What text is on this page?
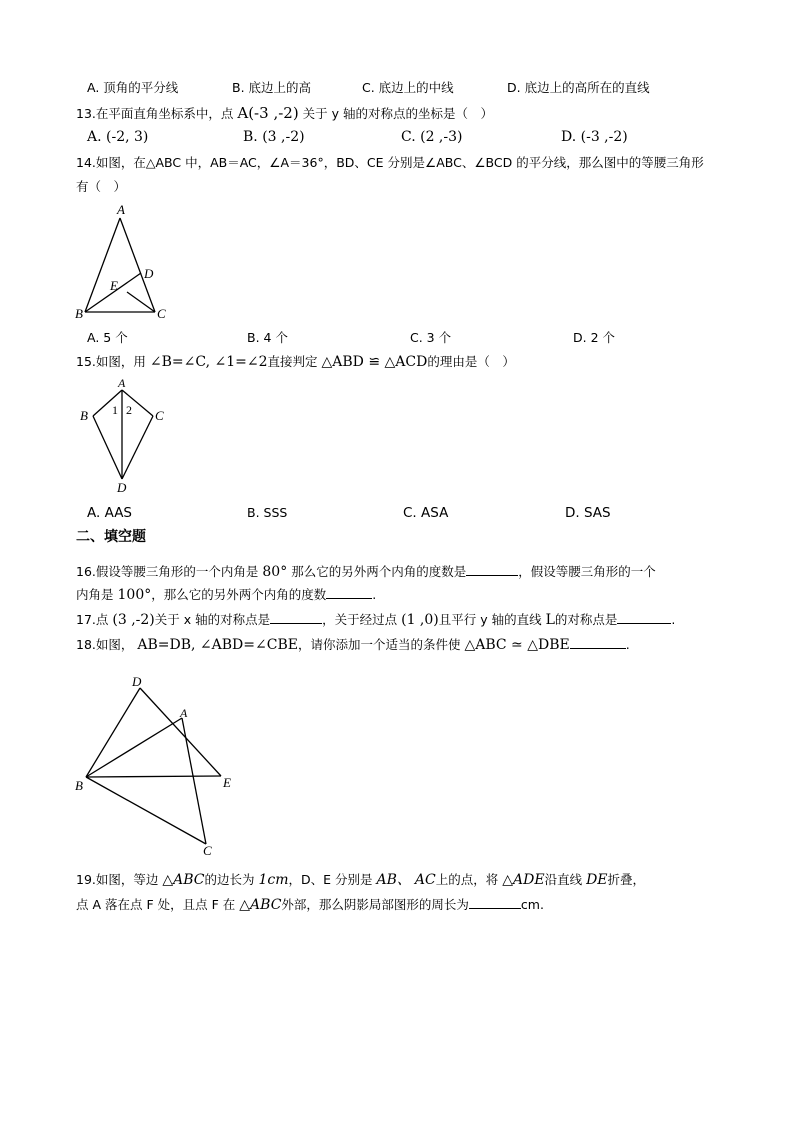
A. 顶角的平分线	B. 底边上的高	C. 底边上的中线	D. 底边上的高所在的直线
13.在平面直角坐标系中，点 A(-3 ,-2) 关于 y 轴的对称点的坐标是（　）
A. (-2, 3)	B. (3 ,-2)	C. (2 ,-3)	D. (-3 ,-2)
14.如图，在△ABC 中，AB＝AC，∠A＝36°，BD、CE 分别是∠ABC、∠BCD 的平分线，那么图中的等腰三角形
有（　）
A
B	C
D
E
A. 5 个	B. 4 个	C. 3 个	D. 2 个
15.如图，用 ∠B=∠C, ∠1=∠2直接判定 △ABD ≌ △ACD的理由是（　）
A
B	C
D
1 2
A. AAS	B. SSS	C. ASA	D. SAS
二、填空题
16.假设等腰三角形的一个内角是 80° 那么它的另外两个内角的度数是	，假设等腰三角形的一个
内角是 100°，那么它的另外两个内角的度数	.
17.点 (3 ,-2)关于 x 轴的对称点是	，关于经过点 (1 ,0)且平行 y 轴的直线 L的对称点是	.
18.如图， AB=DB, ∠ABD=∠CBE，请你添加一个适当的条件使 △ABC ≃ △DBE	.
D
A
B	E
C
19.如图，等边 △ABC的边长为 1cm，D、E 分别是 AB、 AC上的点，将 △ADE沿直线 DE折叠，
点 A 落在点 F 处，且点 F 在 △ABC外部，那么阴影局部图形的周长为	cm.
